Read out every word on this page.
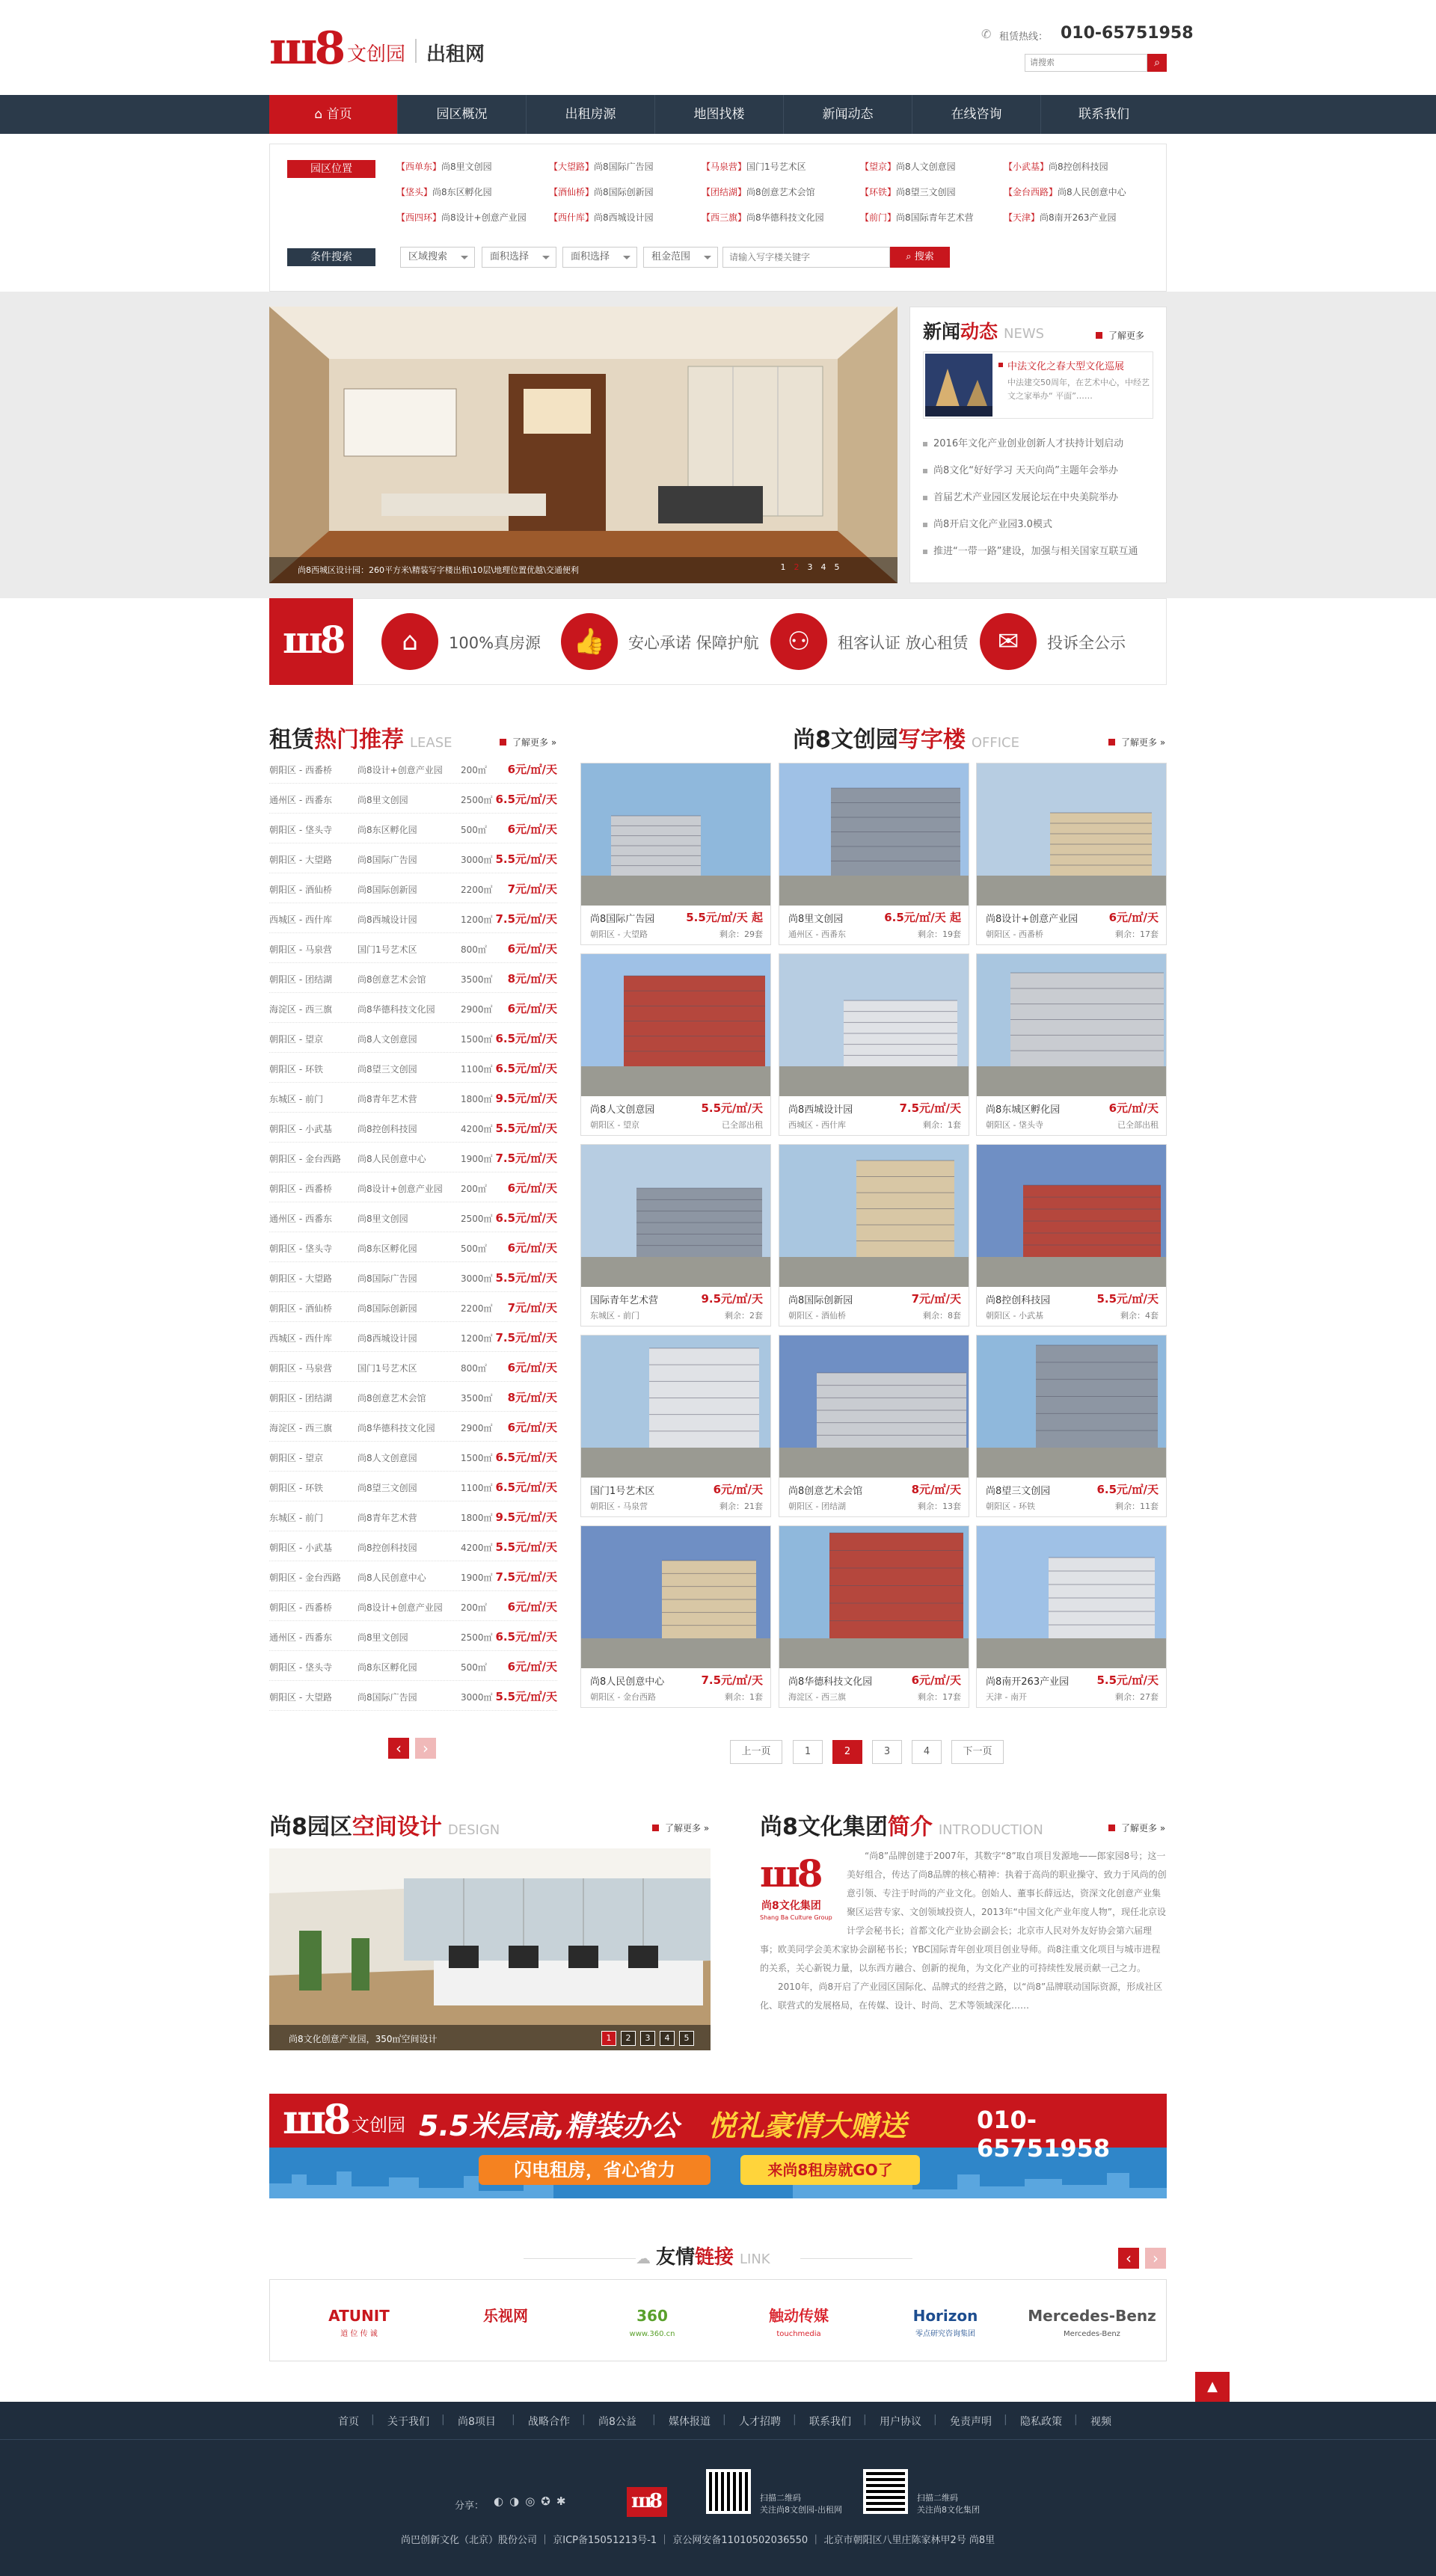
ш8 文创园 出租网
✆ 租赁热线： 010-65751958
请搜索
⌕
⌂ 首页	园区概况	出租房源	地图找楼	新闻动态	在线咨询	联系我们
园区位置	【西单东】尚8里文创园	【大望路】尚8国际广告园	【马泉营】国门1号艺术区	【望京】尚8人文创意园	【小武基】尚8控创科技园
【垡头】尚8东区孵化园	【酒仙桥】尚8国际创新园	【团结湖】尚8创意艺术会馆	【环铁】尚8望三文创园	【金台西路】尚8人民创意中心
【西四环】尚8设计+创意产业园	【西什库】尚8西城设计园	【西三旗】尚8华德科技文化园	【前门】尚8国际青年艺术营	【天津】尚8南开263产业园
条件搜索	区域搜索	面积选择	面积选择	租金范围
请输入写字楼关键字	⌕ 搜索
尚8西城区设计园：260平方米\精装写字楼出租\10层\地理位置优越\交通便利	1	2	3	4	5
新闻动态 NEWS	了解更多
中法文化之春大型文化巡展
中法建交50周年，在艺术中心，中经艺文之家举办“ 平面”……
2016年文化产业创业创新人才扶持计划启动
尚8文化“好好学习 天天向尚”主题年会举办
首届艺术产业园区发展论坛在中央美院举办
尚8开启文化产业园3.0模式
推进“一带一路”建设，加强与相关国家互联互通
ш8	⌂	100%真房源	👍	安心承诺 保障护航	⚇	租客认证 放心租赁	✉	投诉全公示
租赁热门推荐 LEASE	了解更多 »
朝阳区 - 西番桥	尚8设计+创意产业园 200㎡ 6元/㎡/天
通州区 - 西番东	尚8里文创园	2500㎡ 6.5元/㎡/天
朝阳区 - 垡头寺	尚8东区孵化园	500㎡ 6元/㎡/天
朝阳区 - 大望路	尚8国际广告园	3000㎡ 5.5元/㎡/天
朝阳区 - 酒仙桥	尚8国际创新园	2200㎡ 7元/㎡/天
西城区 - 西什库	尚8西城设计园	1200㎡ 7.5元/㎡/天
朝阳区 - 马泉营	国门1号艺术区	800㎡ 6元/㎡/天
朝阳区 - 团结湖	尚8创意艺术会馆	3500㎡ 8元/㎡/天
海淀区 - 西三旗	尚8华德科技文化园	2900㎡ 6元/㎡/天
朝阳区 - 望京	尚8人文创意园	1500㎡ 6.5元/㎡/天
朝阳区 - 环铁	尚8望三文创园	1100㎡ 6.5元/㎡/天
东城区 - 前门	尚8青年艺术营	1800㎡ 9.5元/㎡/天
朝阳区 - 小武基	尚8控创科技园	4200㎡ 5.5元/㎡/天
朝阳区 - 金台西路 尚8人民创意中心	1900㎡ 7.5元/㎡/天
朝阳区 - 西番桥	尚8设计+创意产业园 200㎡ 6元/㎡/天
通州区 - 西番东	尚8里文创园	2500㎡ 6.5元/㎡/天
朝阳区 - 垡头寺	尚8东区孵化园	500㎡ 6元/㎡/天
朝阳区 - 大望路	尚8国际广告园	3000㎡ 5.5元/㎡/天
朝阳区 - 酒仙桥	尚8国际创新园	2200㎡ 7元/㎡/天
西城区 - 西什库	尚8西城设计园	1200㎡ 7.5元/㎡/天
朝阳区 - 马泉营	国门1号艺术区	800㎡ 6元/㎡/天
朝阳区 - 团结湖	尚8创意艺术会馆	3500㎡ 8元/㎡/天
海淀区 - 西三旗	尚8华德科技文化园	2900㎡ 6元/㎡/天
朝阳区 - 望京	尚8人文创意园	1500㎡ 6.5元/㎡/天
朝阳区 - 环铁	尚8望三文创园	1100㎡ 6.5元/㎡/天
东城区 - 前门	尚8青年艺术营	1800㎡ 9.5元/㎡/天
朝阳区 - 小武基	尚8控创科技园	4200㎡ 5.5元/㎡/天
朝阳区 - 金台西路 尚8人民创意中心	1900㎡ 7.5元/㎡/天
朝阳区 - 西番桥	尚8设计+创意产业园 200㎡ 6元/㎡/天
通州区 - 西番东	尚8里文创园	2500㎡ 6.5元/㎡/天
朝阳区 - 垡头寺	尚8东区孵化园	500㎡ 6元/㎡/天
朝阳区 - 大望路	尚8国际广告园	3000㎡ 5.5元/㎡/天
‹	›
尚8文创园写字楼 OFFICE	了解更多 »
尚8国际广告园
朝阳区 - 大望路
5.5元/㎡/天 起
剩余：29套
尚8里文创园
通州区 - 西番东
6.5元/㎡/天 起
剩余：19套
尚8设计+创意产业园
朝阳区 - 西番桥
6元/㎡/天
剩余：17套
尚8人文创意园
朝阳区 - 望京
5.5元/㎡/天
已全部出租
尚8西城设计园
西城区 - 西什库
7.5元/㎡/天
剩余：1套
尚8东城区孵化园
朝阳区 - 垡头寺
6元/㎡/天
已全部出租
国际青年艺术营
东城区 - 前门
9.5元/㎡/天
剩余：2套
尚8国际创新园
朝阳区 - 酒仙桥
7元/㎡/天
剩余：8套
尚8控创科技园
朝阳区 - 小武基
5.5元/㎡/天
剩余：4套
国门1号艺术区
朝阳区 - 马泉营
6元/㎡/天
剩余：21套
尚8创意艺术会馆
朝阳区 - 团结湖
8元/㎡/天
剩余：13套
尚8望三文创园
朝阳区 - 环铁
6.5元/㎡/天
剩余：11套
尚8人民创意中心
朝阳区 - 金台西路
7.5元/㎡/天
剩余：1套
尚8华德科技文化园
海淀区 - 西三旗
6元/㎡/天
剩余：17套
尚8南开263产业园
天津 - 南开
5.5元/㎡/天
剩余：27套
上一页	1	2	3	4	下一页
尚8园区空间设计 DESIGN	了解更多 »
尚8文化创意产业园，350㎡空间设计	1	2	3	4	5
尚8文化集团简介 INTRODUCTION	了解更多 »
ш8
尚8文化集团
Shang Ba Culture Group
“尚8”品牌创建于2007年，其数字“8”取自项目发源地——郎家园8号；这一美好组合，传达了尚8品牌的核心精神：执着于高尚的职业操守、致力于风尚的创意引领、专注于时尚的产业文化。创始人、董事长薛远达，资深文化创意产业集聚区运营专家、文创领域投资人，2013年“中国文化产业年度人物”，现任北京设计学会秘书长；首都文化产业协会副会长；北京市人民对外友好协会第六届理事；欧美同学会美术家协会副秘书长；YBC国际青年创业项目创业导师。尚8注重文化项目与城市进程的关系，关心新锐力量，以东西方融合、创新的视角，为文化产业的可持续性发展贡献一己之力。
2010年，尚8开启了产业园区国际化、品牌式的经营之路，以“尚8”品牌联动国际资源，形成社区化、联营式的发展格局，在传媒、设计、时尚、艺术等领域深化……
ш8 文创园 5.5米层高,精装办公 悦礼豪情大赠送	010-65751958
闪电租房，省心省力	来尚8租房就GO了
☁ 友情链接 LINK	‹	›
ATUNIT
道 位 传 诚
乐视网	360
www.360.cn
触动传媒
touchmedia
Horizon
零点研究咨询集团
Mercedes-Benz
Mercedes-Benz
▲
首页 | 关于我们 | 尚8项目 | 战略合作 | 尚8公益 | 媒体报道 | 人才招聘 | 联系我们 | 用户协议 | 免责声明 | 隐私政策 | 视频
分享： ◐◑◎✪✱	ш8	扫描二维码
关注尚8文创园-出租网
扫描二维码
关注尚8文化集团
尚巴创新文化（北京）股份公司 ｜ 京ICP备15051213号-1 ｜ 京公网安备11010502036550 ｜ 北京市朝阳区八里庄陈家林甲2号 尚8里
